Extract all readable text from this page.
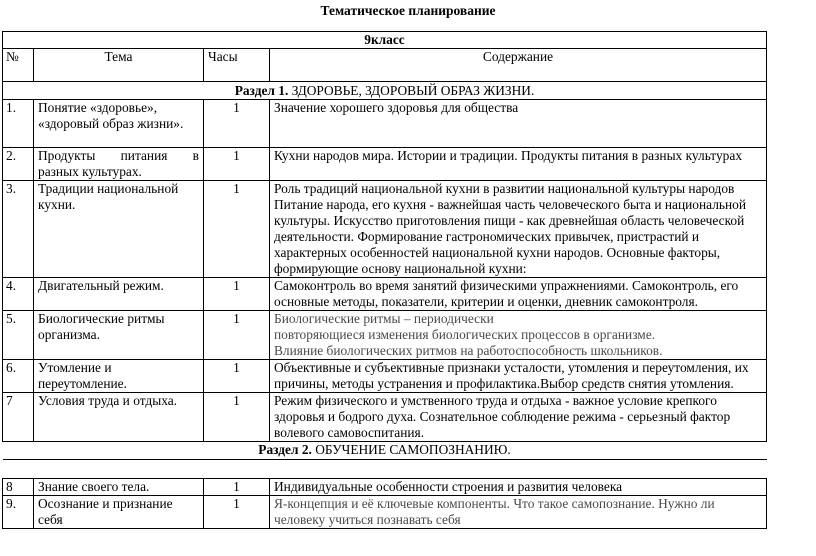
Тематическое планирование
9класс			
№	Тема	Часы	Содержание
Раздел 1. ЗДОРОВЬЕ, ЗДОРОВЫЙ ОБРАЗ ЖИЗНИ.			
1.	Понятие «здоровье», «здоровый образ жизни».	1	Значение хорошего здоровья для общества
2.	Продукты питания в разных культурах.	1	Кухни народов мира. Истории и традиции. Продукты питания в разных культурах
3.	Традиции национальной кухни.	1	Роль традиций национальной кухни в развитии национальной культуры народов Питание народа, его кухня - важнейшая часть человеческого быта и национальной культуры. Искусство приготовления пищи - как древнейшая область человеческой деятельности. Формирование гастрономических привычек, пристрастий и характерных особенностей национальной кухни народов. Основные факторы, формирующие основу национальной кухни:
4.	Двигательный режим.	1	Самоконтроль во время занятий физическими упражнениями. Самоконтроль, его основные методы, показатели, критерии и оценки, дневник самоконтроля.
5.	Биологические ритмы организма.	1	Биологические ритмы – периодически
повторяющиеся изменения биологических процессов в организме.
Влияние биологических ритмов на работоспособность школьников.

6.	Утомление и переутомление.	1	Объективные и субъективные признаки усталости, утомления и переутомления, их причины, методы устранения и профилактика.Выбор средств снятия утомления.
7	Условия труда и отдыха.	1	Режим физического и умственного труда и отдыха - важное условие крепкого здоровья и бодрого духа. Сознательное соблюдение режима - серьезный фактор волевого самовоспитания.
Раздел 2. ОБУЧЕНИЕ САМОПОЗНАНИЮ.			

8	Знание своего тела.	1	Индивидуальные особенности строения и развития человека
9.	Осознание и признание себя	1	Я-концепция и её ключевые компоненты. Что такое самопознание. Нужно ли человеку учиться познавать себя
